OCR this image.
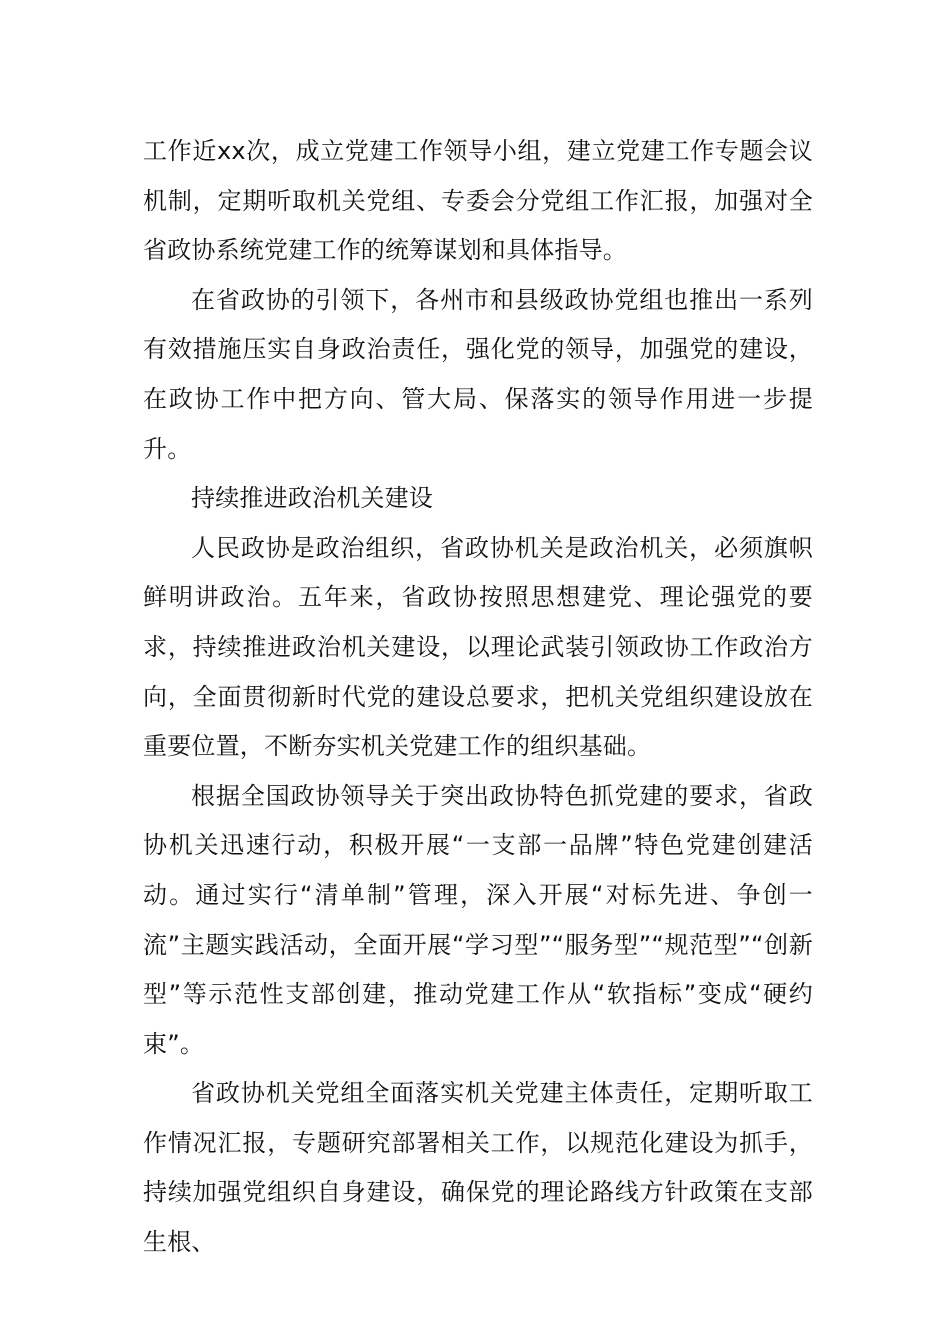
工作近xx次，成立党建工作领导小组，建立党建工作专题会议机制，定期听取机关党组、专委会分党组工作汇报，加强对全省政协系统党建工作的统筹谋划和具体指导。

在省政协的引领下，各州市和县级政协党组也推出一系列有效措施压实自身政治责任，强化党的领导，加强党的建设，在政协工作中把方向、管大局、保落实的领导作用进一步提升。

持续推进政治机关建设

人民政协是政治组织，省政协机关是政治机关，必须旗帜鲜明讲政治。五年来，省政协按照思想建党、理论强党的要求，持续推进政治机关建设，以理论武装引领政协工作政治方向，全面贯彻新时代党的建设总要求，把机关党组织建设放在重要位置，不断夯实机关党建工作的组织基础。

根据全国政协领导关于突出政协特色抓党建的要求，省政协机关迅速行动，积极开展“一支部一品牌”特色党建创建活动。通过实行“清单制”管理，深入开展“对标先进、争创一流”主题实践活动，全面开展“学习型”“服务型”“规范型”“创新型”等示范性支部创建，推动党建工作从“软指标”变成“硬约束”。

省政协机关党组全面落实机关党建主体责任，定期听取工作情况汇报，专题研究部署相关工作，以规范化建设为抓手，持续加强党组织自身建设，确保党的理论路线方针政策在支部生根、
